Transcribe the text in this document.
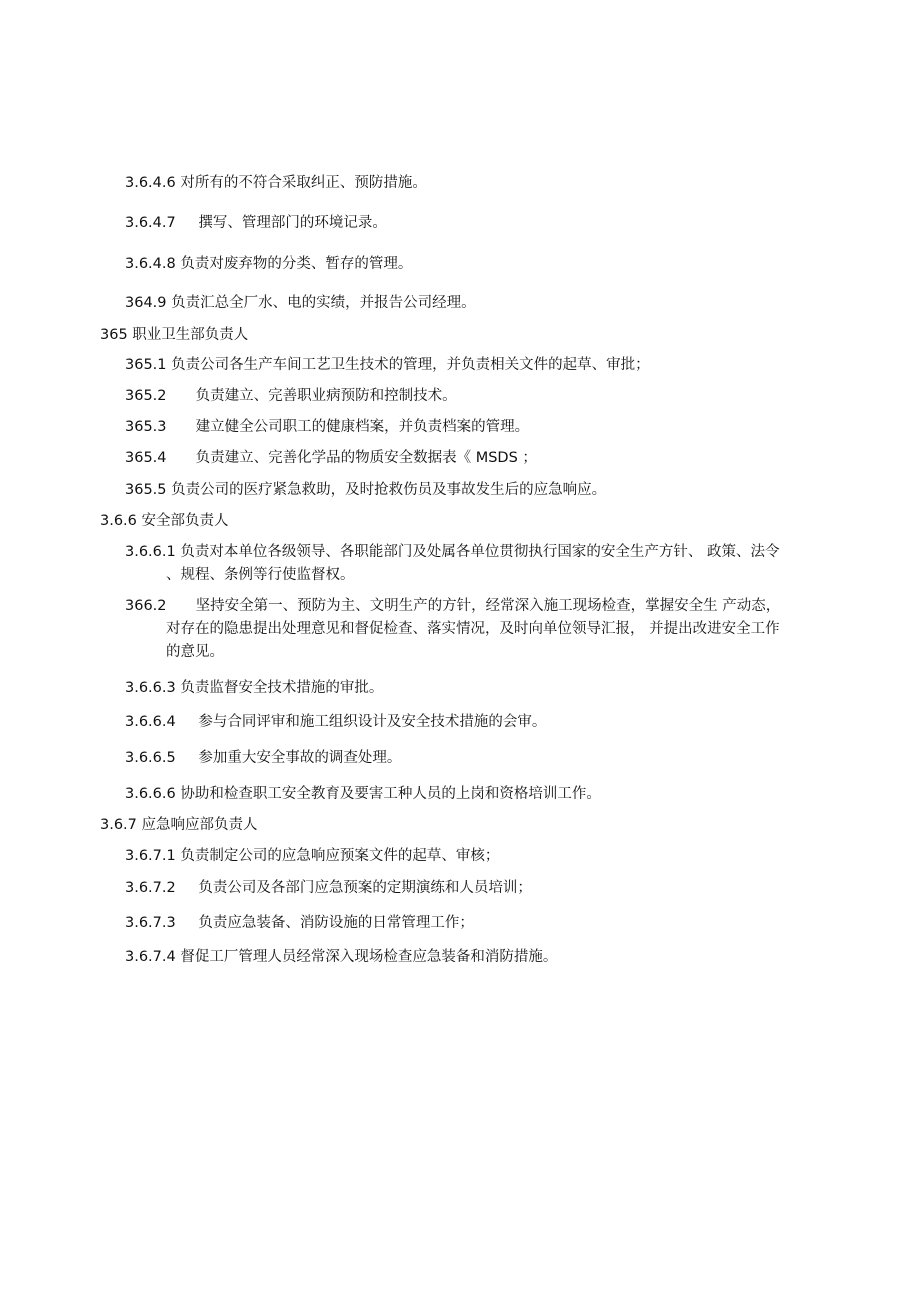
3.6.4.6 对所有的不符合采取纠正、预防措施。
3.6.4.7 撰写、管理部门的环境记录。
3.6.4.8 负责对废弃物的分类、暂存的管理。
364.9 负责汇总全厂水、电的实绩，并报告公司经理。
365 职业卫生部负责人
365.1 负责公司各生产车间工艺卫生技术的管理，并负责相关文件的起草、审批；
365.2 负责建立、完善职业病预防和控制技术。
365.3 建立健全公司职工的健康档案，并负责档案的管理。
365.4 负责建立、完善化学品的物质安全数据表《 MSDS ；
365.5 负责公司的医疗紧急救助，及时抢救伤员及事故发生后的应急响应。
3.6.6 安全部负责人
3.6.6.1 负责对本单位各级领导、各职能部门及处属各单位贯彻执行国家的安全生产方针、 政策、法令
、规程、条例等行使监督权。
366.2 坚持安全第一、预防为主、文明生产的方针，经常深入施工现场检查，掌握安全生 产动态，
对存在的隐患提出处理意见和督促检查、落实情况，及时向单位领导汇报， 并提出改进安全工作
的意见。
3.6.6.3 负责监督安全技术措施的审批。
3.6.6.4 参与合同评审和施工组织设计及安全技术措施的会审。
3.6.6.5 参加重大安全事故的调查处理。
3.6.6.6 协助和检查职工安全教育及要害工种人员的上岗和资格培训工作。
3.6.7 应急响应部负责人
3.6.7.1 负责制定公司的应急响应预案文件的起草、审核；
3.6.7.2 负责公司及各部门应急预案的定期演练和人员培训；
3.6.7.3 负责应急装备、消防设施的日常管理工作；
3.6.7.4 督促工厂管理人员经常深入现场检查应急装备和消防措施。
